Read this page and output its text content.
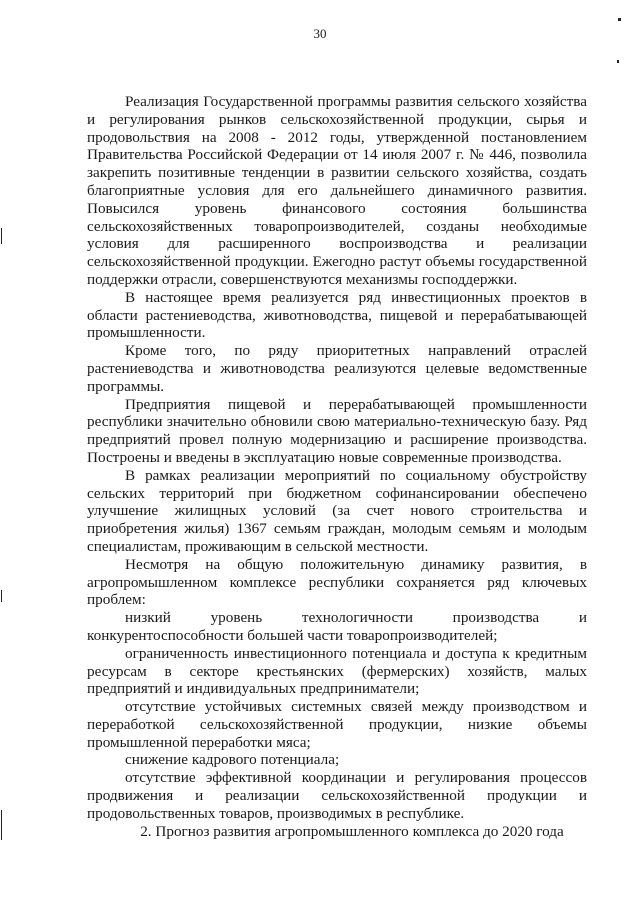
30

Реализация Государственной программы развития сельского хозяйства и регулирования рынков сельскохозяйственной продукции, сырья и продовольствия на 2008 - 2012 годы, утвержденной постановлением Правительства Российской Федерации от 14 июля 2007 г. № 446, позволила закрепить позитивные тенденции в развитии сельского хозяйства, создать благоприятные условия для его дальнейшего динамичного развития. Повысился уровень финансового состояния большинства сельскохозяйственных товаропроизводителей, созданы необходимые условия для расширенного воспроизводства и реализации сельскохозяйственной продукции. Ежегодно растут объемы государственной поддержки отрасли, совершенствуются механизмы господдержки.

В настоящее время реализуется ряд инвестиционных проектов в области растениеводства, животноводства, пищевой и перерабатывающей промышленности.

Кроме того, по ряду приоритетных направлений отраслей растениеводства и животноводства реализуются целевые ведомственные программы.

Предприятия пищевой и перерабатывающей промышленности республики значительно обновили свою материально-техническую базу. Ряд предприятий провел полную модернизацию и расширение производства. Построены и введены в эксплуатацию новые современные производства.

В рамках реализации мероприятий по социальному обустройству сельских территорий при бюджетном софинансировании обеспечено улучшение жилищных условий (за счет нового строительства и приобретения жилья) 1367 семьям граждан, молодым семьям и молодым специалистам, проживающим в сельской местности.

Несмотря на общую положительную динамику развития, в агропромышленном комплексе республики сохраняется ряд ключевых проблем:

низкий уровень технологичности производства и конкурентоспособности большей части товаропроизводителей;

ограниченность инвестиционного потенциала и доступа к кредитным ресурсам в секторе крестьянских (фермерских) хозяйств, малых предприятий и индивидуальных предприниматели;

отсутствие устойчивых системных связей между производством и переработкой сельскохозяйственной продукции, низкие объемы промышленной переработки мяса;

снижение кадрового потенциала;

отсутствие эффективной координации и регулирования процессов продвижения и реализации сельскохозяйственной продукции и продовольственных товаров, производимых в республике.

2. Прогноз развития агропромышленного комплекса до 2020 года
